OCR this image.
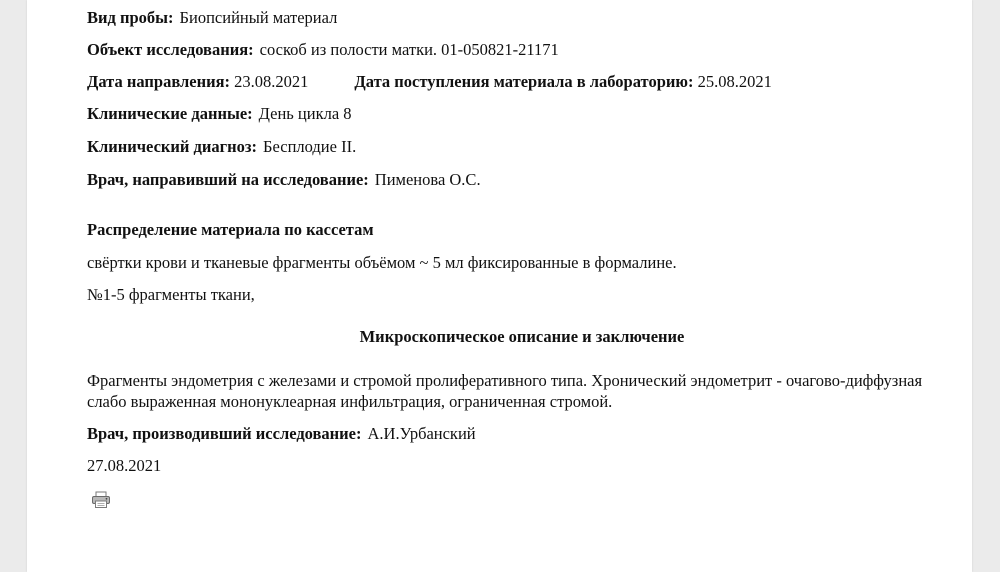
Вид пробы: Биопсийный материал
Объект исследования: соскоб из полости матки. 01-050821-21171
Дата направления: 23.08.2021	Дата поступления материала в лабораторию: 25.08.2021
Клинические данные: День цикла 8
Клинический диагноз: Бесплодие II.
Врач, направивший на исследование: Пименова О.С.
Распределение материала по кассетам
свёртки крови и тканевые фрагменты объёмом ~ 5 мл фиксированные в формалине.
№1-5 фрагменты ткани,
Микроскопическое описание и заключение
Фрагменты эндометрия с железами и стромой пролиферативного типа. Хронический эндометрит - очагово-диффузная слабо выраженная мононуклеарная инфильтрация, ограниченная стромой.
Врач, производивший исследование: А.И.Урбанский
27.08.2021
